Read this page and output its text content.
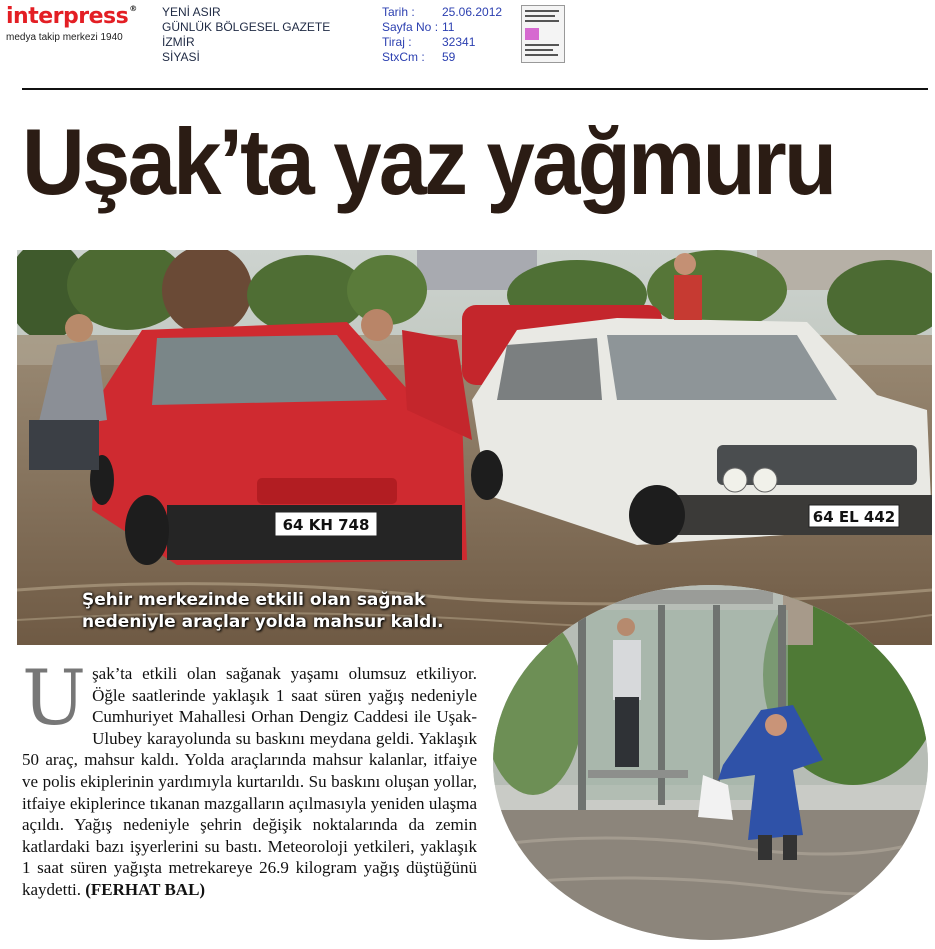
interpress®
medya takip merkezi 1940
YENİ ASIR
GÜNLÜK BÖLGESEL GAZETE
İZMİR
SİYASİ
Tarih :	25.06.2012
Sayfa No : 11
Tiraj :	32341
StxCm :	59
Uşak’ta yaz yağmuru
64 EL 442
64 KH 748
Şehir merkezinde etkili olan sağnak
nedeniyle araçlar yolda mahsur kaldı.

Uşak’ta etkili olan sağanak yaşamı olumsuz etkiliyor. Öğle saatlerinde yaklaşık 1 saat süren yağış nedeniyle Cumhuriyet Mahallesi Orhan Dengiz Caddesi ile Uşak-Ulubey karayolunda su baskını meydana geldi. Yaklaşık 50 araç, mahsur kaldı. Yolda araçlarında mahsur kalanlar, itfaiye ve polis ekiplerinin yardımıyla kurtarıldı. Su baskını oluşan yollar, itfaiye ekiplerince tıkanan mazgalların açılmasıyla yeniden ulaşma açıldı. Yağış nedeniyle şehrin değişik noktalarında da zemin katlardaki bazı işyerlerini su bastı. Meteoroloji yetkileri, yaklaşık 1 saat süren yağışta metrekareye 26.9 kilogram yağış düştüğünü kaydetti. (FERHAT BAL)
